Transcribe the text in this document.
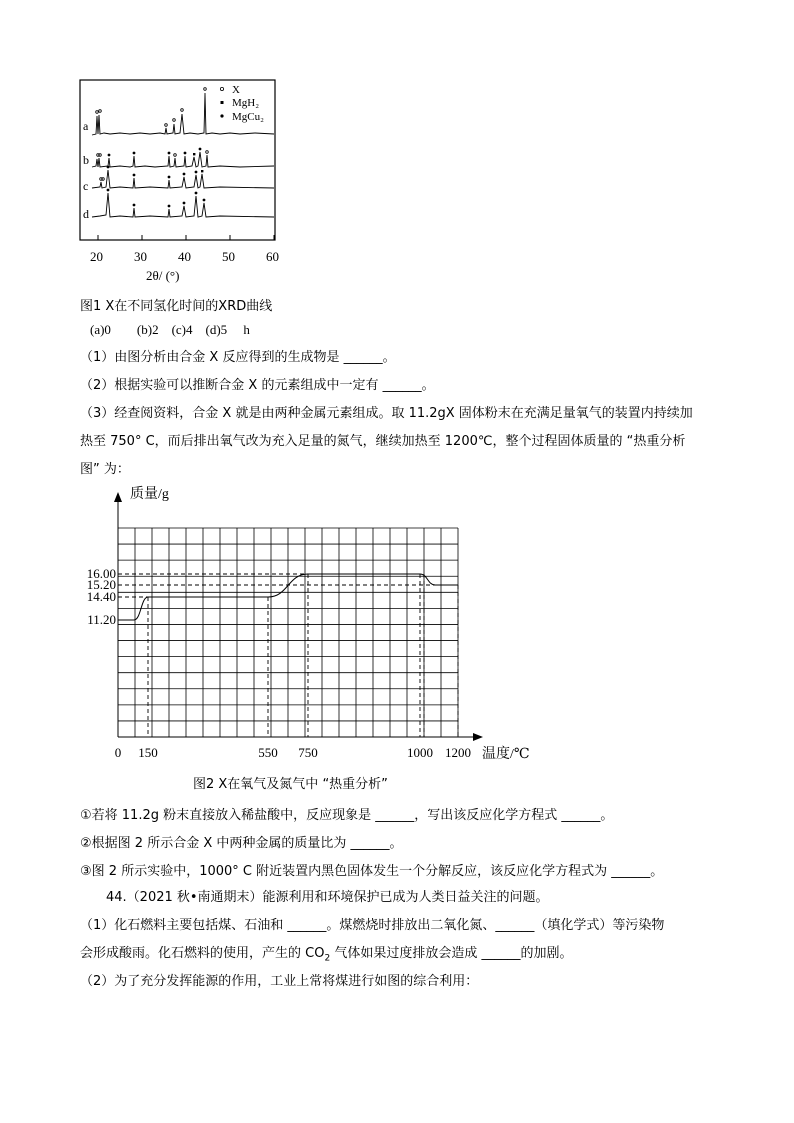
a
b
c
d
X
MgH₂
MgCu₂
20 30 40 50 60
2θ/ (°)
图1 X在不同氢化时间的XRD曲线
(a)0　　(b)2　(c)4　(d)5　 h
（1）由图分析由合金 X 反应得到的生成物是 ______。
（2）根据实验可以推断合金 X 的元素组成中一定有 ______。
（3）经查阅资料，合金 X 就是由两种金属元素组成。取 11.2gX 固体粉末在充满足量氧气的装置内持续加
热至 750° C，而后排出氧气改为充入足量的氮气，继续加热至 1200℃，整个过程固体质量的 “热重分析
图” 为：
16.00
15.20
14.40
11.20
0 150	550 750	1000 1200
质量/g
温度/℃
图2 X在氧气及氮气中 “热重分析”
①若将 11.2g 粉末直接放入稀盐酸中，反应现象是 ______，写出该反应化学方程式 ______。
②根据图 2 所示合金 X 中两种金属的质量比为 ______。
③图 2 所示实验中，1000° C 附近装置内黑色固体发生一个分解反应，该反应化学方程式为 ______。
44.（2021 秋•南通期末）能源利用和环境保护已成为人类日益关注的问题。
（1）化石燃料主要包括煤、石油和 ______。煤燃烧时排放出二氧化氮、______（填化学式）等污染物
会形成酸雨。化石燃料的使用，产生的 $CO_2$ 气体如果过度排放会造成 ______的加剧。
（2）为了充分发挥能源的作用，工业上常将煤进行如图的综合利用：
